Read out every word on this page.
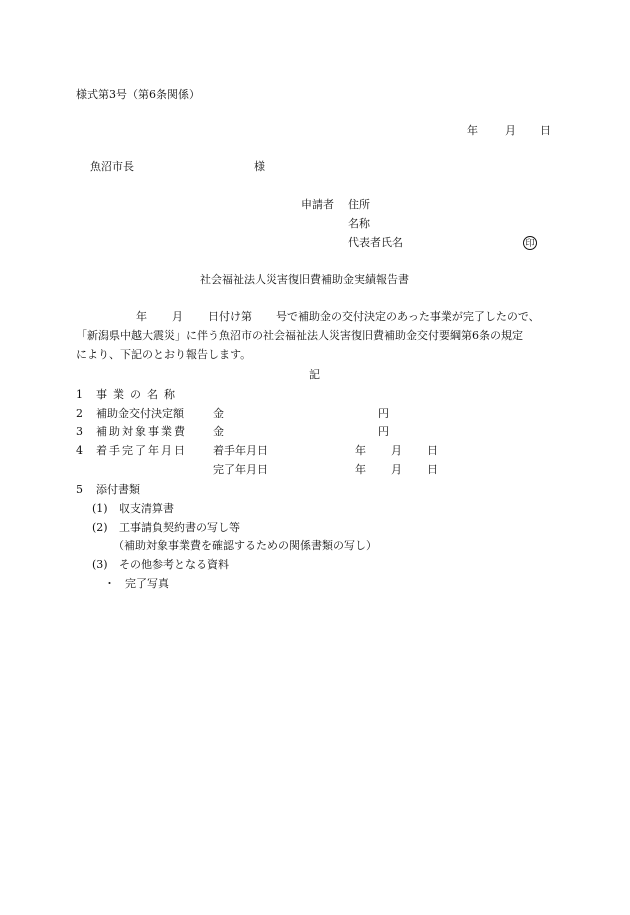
様式第3号（第6条関係）
年 月 日
魚沼市長	様
申請者 住所
名称
代表者氏名	印
社会福祉法人災害復旧費補助金実績報告書
年 月 日付け第 号で補助金の交付決定のあった事業が完了したので、
「新潟県中越大震災」に伴う魚沼市の社会福祉法人災害復旧費補助金交付要綱第6条の規定
により、下記のとおり報告します。
記
1 事業の名称
2 補助金交付決定額	金	円
3 補助対象事業費 金	円
4 着手完了年月日 着手年月日	年 月 日
完了年月日	年 月 日
5 添付書類
(1) 収支清算書
(2) 工事請負契約書の写し等
（補助対象事業費を確認するための関係書類の写し）
(3) その他参考となる資料
・ 完了写真
